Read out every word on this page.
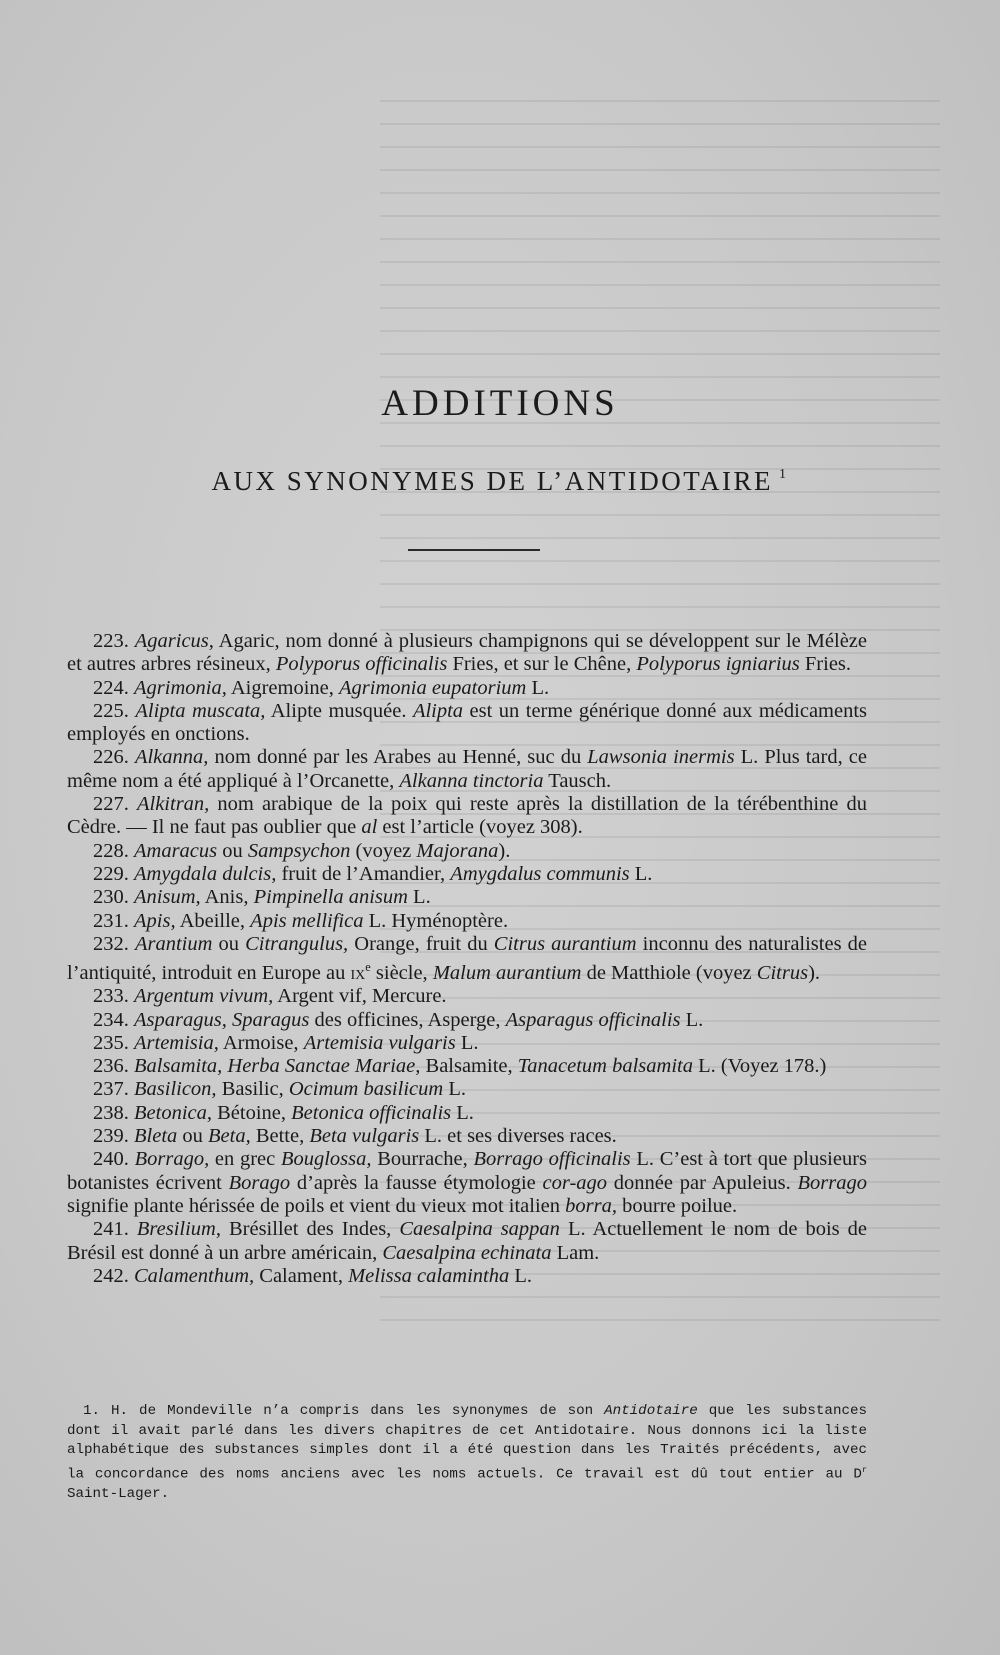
ADDITIONS
AUX SYNONYMES DE L’ANTIDOTAIRE $^1$

223. Agaricus, Agaric, nom donné à plusieurs champignons qui se développent sur le Mélèze et autres arbres résineux, Polyporus officinalis Fries, et sur le Chêne, Polyporus igniarius Fries.

224. Agrimonia, Aigremoine, Agrimonia eupatorium L.

225. Alipta muscata, Alipte musquée. Alipta est un terme générique donné aux médicaments employés en onctions.

226. Alkanna, nom donné par les Arabes au Henné, suc du Lawsonia inermis L. Plus tard, ce même nom a été appliqué à l’Orcanette, Alkanna tinctoria Tausch.

227. Alkitran, nom arabique de la poix qui reste après la distillation de la térébenthine du Cèdre. — Il ne faut pas oublier que al est l’article (voyez 308).

228. Amaracus ou Sampsychon (voyez Majorana).

229. Amygdala dulcis, fruit de l’Amandier, Amygdalus communis L.

230. Anisum, Anis, Pimpinella anisum L.

231. Apis, Abeille, Apis mellifica L. Hyménoptère.

232. Arantium ou Citrangulus, Orange, fruit du Citrus aurantium inconnu des naturalistes de l’antiquité, introduit en Europe au $ix^e$ siècle, Malum aurantium de Matthiole (voyez Citrus).

233. Argentum vivum, Argent vif, Mercure.

234. Asparagus, Sparagus des officines, Asperge, Asparagus officinalis L.

235. Artemisia, Armoise, Artemisia vulgaris L.

236. Balsamita, Herba Sanctae Mariae, Balsamite, Tanacetum balsamita L. (Voyez 178.)

237. Basilicon, Basilic, Ocimum basilicum L.

238. Betonica, Bétoine, Betonica officinalis L.

239. Bleta ou Beta, Bette, Beta vulgaris L. et ses diverses races.

240. Borrago, en grec Bouglossa, Bourrache, Borrago officinalis L. C’est à tort que plusieurs botanistes écrivent Borago d’après la fausse étymologie cor-ago donnée par Apuleius. Borrago signifie plante hérissée de poils et vient du vieux mot italien borra, bourre poilue.

241. Bresilium, Brésillet des Indes, Caesalpina sappan L. Actuellement le nom de bois de Brésil est donné à un arbre américain, Caesalpina echinata Lam.

242. Calamenthum, Calament, Melissa calamintha L.

1. H. de Mondeville n’a compris dans les synonymes de son Antidotaire que les substances dont il avait parlé dans les divers chapitres de cet Antidotaire. Nous donnons ici la liste alphabétique des substances simples dont il a été question dans les Traités précédents, avec la concordance des noms anciens avec les noms actuels. Ce travail est dû tout entier au $D^r$ Saint-Lager.
